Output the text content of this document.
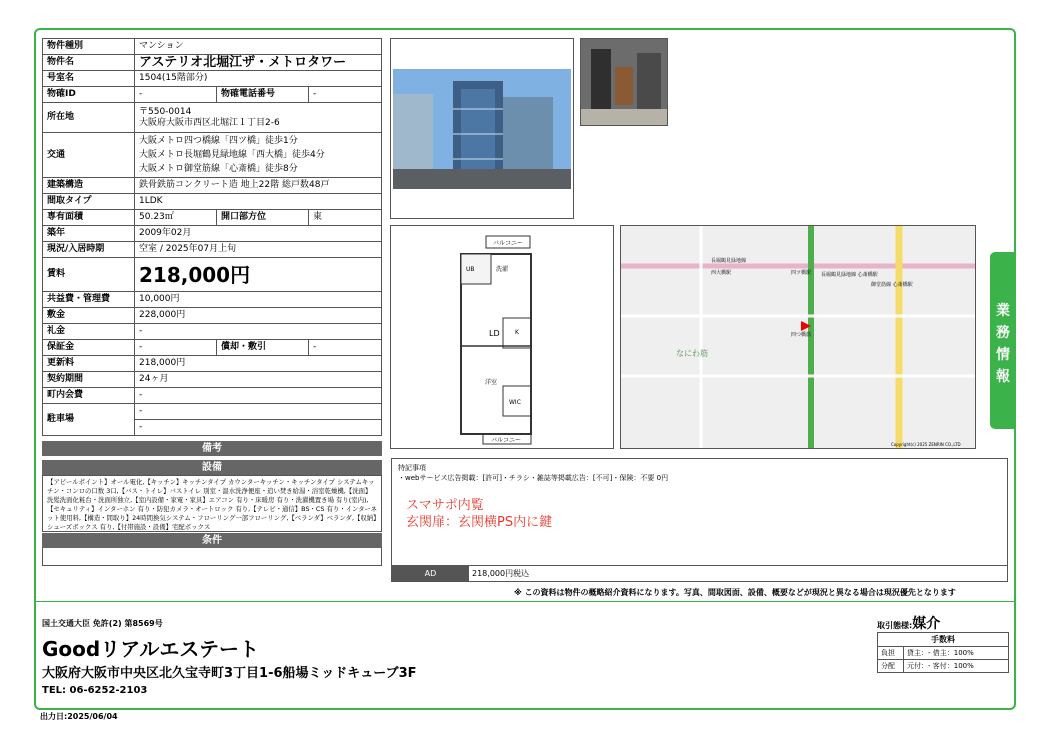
物件種別	マンション		
物件名	アステリオ北堀江ザ・メトロタワー		
号室名	1504(15階部分)		
物確ID	-	物確電話番号	-
所在地	〒550-0014
大阪府大阪市西区北堀江１丁目2-6		

交通	大阪メトロ四つ橋線「四ツ橋」徒歩1分
大阪メトロ長堀鶴見緑地線「西大橋」徒歩4分
大阪メトロ御堂筋線「心斎橋」徒歩8分		

建築構造	鉄骨鉄筋コンクリート造 地上22階 総戸数48戸		
間取タイプ	1LDK		
専有面積	50.23㎡	開口部方位	東
築年	2009年02月		
現況/入居時期	空室 / 2025年07月上旬		
賃料	218,000円		
共益費・管理費	10,000円		
敷金	228,000円		
礼金	-		
保証金	-	償却・敷引	-
更新料	218,000円		
契約期間	24ヶ月		
町内会費	-		
駐車場	-		
	-		
備考
設備
【アピールポイント】オール電化,【キッチン】キッチンタイプ カウンターキッチン・キッチンタイプ システムキッチン・コンロの口数 3口,【バス・トイレ】バストイレ 別室・温水洗浄便座・追い焚き給湯・浴室乾燥機,【洗面】洗髪洗面化粧台・洗面所独立,【室内設備・家電・家具】エアコン 有り・床暖房 有り・洗濯機置き場 有り(室内),【セキュリティ】インターホン 有り・防犯カメラ・オートロック 有り,【テレビ・通信】BS・CS 有り・インターネット使用料,【構造・間取り】24時間換気システム・フローリング一部フローリング,【ベランダ】ベランダ,【収納】シューズボックス 有り,【付帯施設・設備】宅配ボックス
条件
バルコニー
UB	洗濯
LD	K
洋室
WIC
バルコニー
長堀鶴見緑地線
西大橋駅	四ツ橋駅 長堀鶴見緑地線 心斎橋駅
御堂筋線 心斎橋駅
なにわ筋
四つ橋筋
Copyright(c) 2025 ZENRIN CO.,LTD
業務情報
特記事項
・webサービス広告掲載：[許可]・チラシ・雑誌等掲載広告：[不可]・保険：不要 0円
スマサポ内覧
玄関扉：玄関横PS内に鍵
AD	218,000円税込
※ この資料は物件の概略紹介資料になります。写真、間取図面、設備、概要などが現況と異なる場合は現況優先となります
国土交通大臣 免許(2) 第8569号
Goodリアルエステート
大阪府大阪市中央区北久宝寺町3丁目1-6船場ミッドキューブ3F
TEL: 06-6252-2103
出力日:2025/06/04
取引態様:媒介
手数料	
負担	貸主：- 借主：100%
分配	元付：- 客付：100%
